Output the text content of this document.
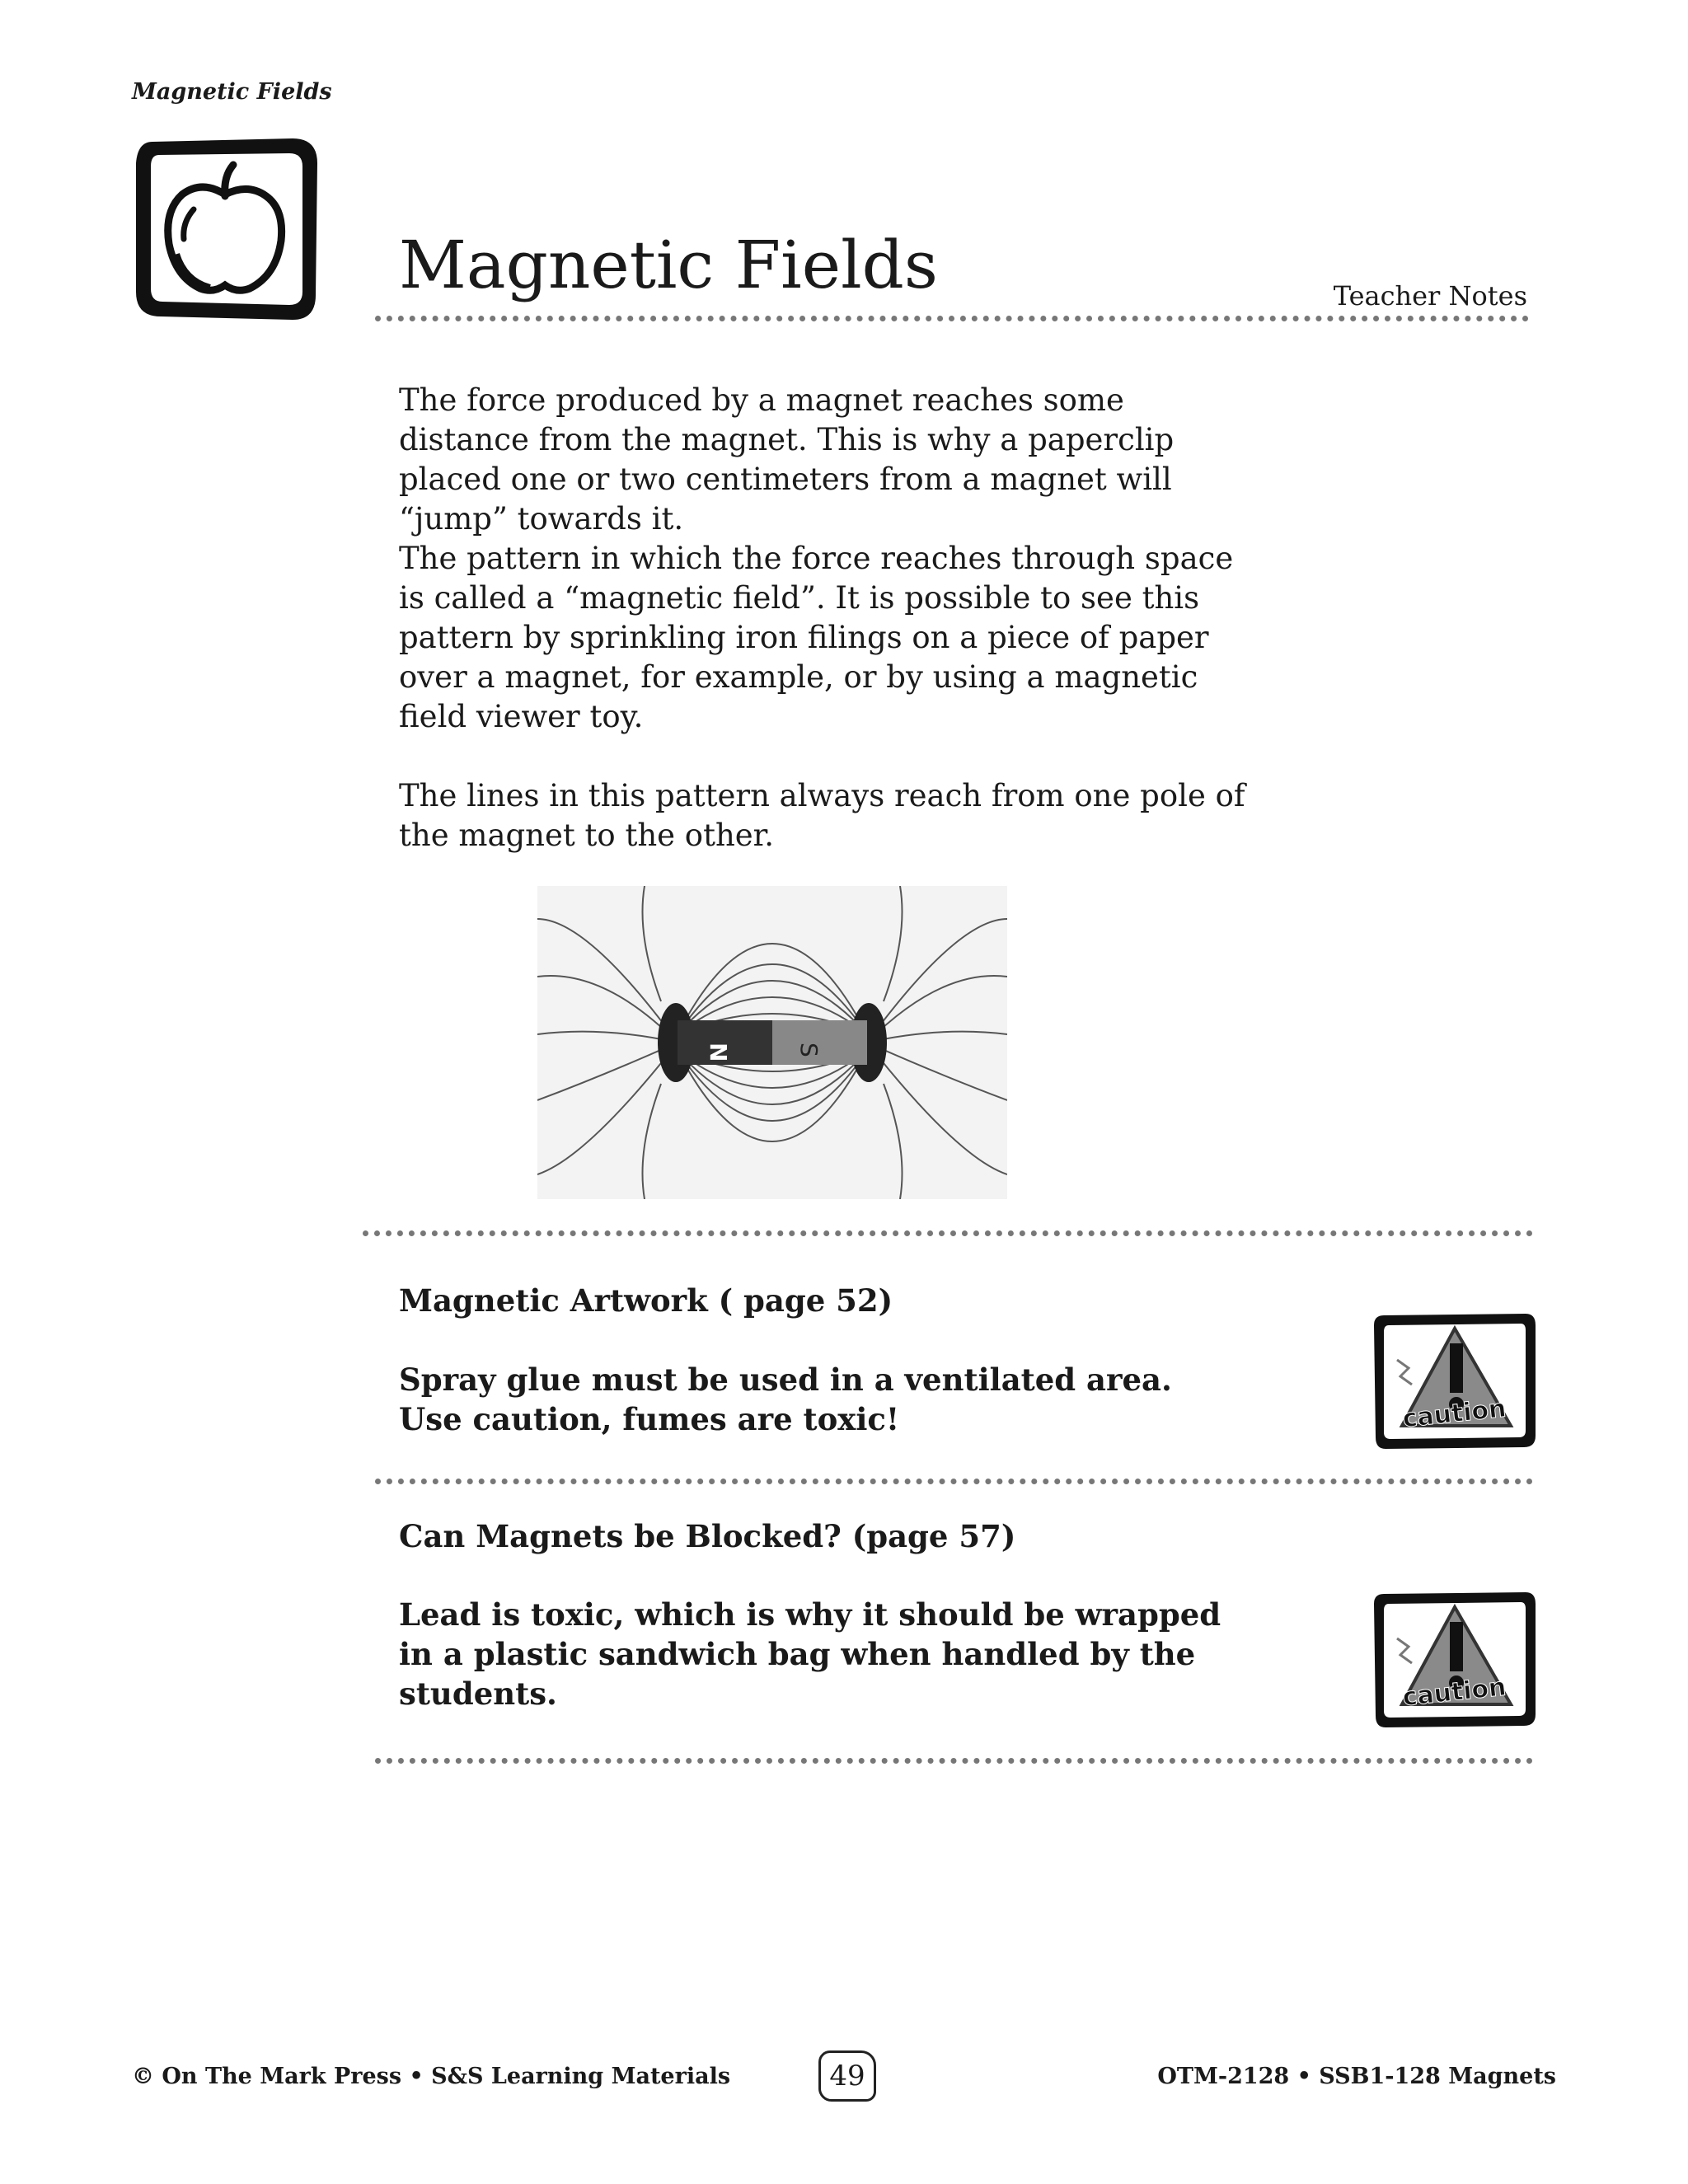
Magnetic Fields
Magnetic Fields	Teacher Notes

The force produced by a magnet reaches some distance from the magnet. This is why a paperclip placed one or two centimeters from a magnet will “jump” towards it.

The pattern in which the force reaches through space is called a “magnetic field”. It is possible to see this pattern by sprinkling iron filings on a piece of paper over a magnet, for example, or by using a magnetic field viewer toy.

The lines in this pattern always reach from one pole of the magnet to the other.

N	S

Magnetic Artwork ( page 52)

Spray glue must be used in a ventilated area. Use caution, fumes are toxic!	caution

Can Magnets be Blocked? (page 57)

Lead is toxic, which is why it should be wrapped in a plastic sandwich bag when handled by the students.	caution
© On The Mark Press • S&S Learning Materials	49	OTM-2128 • SSB1-128 Magnets
